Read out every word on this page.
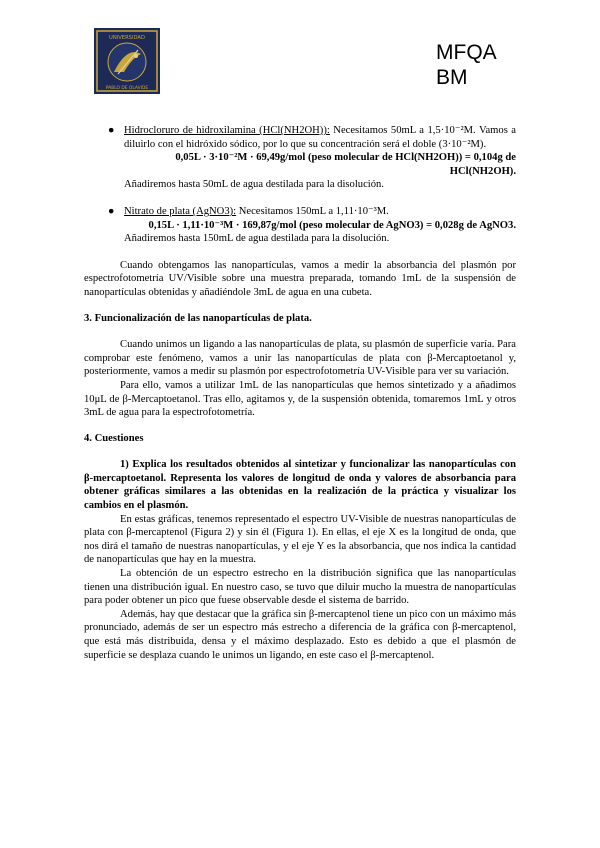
UNIVERSIDAD
PABLO DE OLAVIDE
MFQA
BM
● Hidrocloruro de hidroxilamina (HCl(NH2OH)): Necesitamos 50mL a 1,5·10⁻²M. Vamos a diluirlo con el hidróxido sódico, por lo que su concentración será el doble (3·10⁻²M).

0,05L · 3·10⁻²M · 69,49g/mol (peso molecular de HCl(NH2OH)) = 0,104g de HCl(NH2OH).

Añadiremos hasta 50mL de agua destilada para la disolución.

● Nitrato de plata (AgNO3): Necesitamos 150mL a 1,11·10⁻³M.

0,15L · 1,11·10⁻³M · 169,87g/mol (peso molecular de AgNO3) = 0,028g de AgNO3.

Añadiremos hasta 150mL de agua destilada para la disolución.

Cuando obtengamos las nanopartículas, vamos a medir la absorbancia del plasmón por espectrofotometría UV/Visible sobre una muestra preparada, tomando 1mL de la suspensión de nanopartículas obtenidas y añadiéndole 3mL de agua en una cubeta.

3. Funcionalización de las nanopartículas de plata.

Cuando unimos un ligando a las nanopartículas de plata, su plasmón de superficie varía. Para comprobar este fenómeno, vamos a unir las nanopartículas de plata con β-Mercaptoetanol y, posteriormente, vamos a medir su plasmón por espectrofotometría UV-Visible para ver su variación.

Para ello, vamos a utilizar 1mL de las nanopartículas que hemos sintetizado y a añadimos 10μL de β-Mercaptoetanol. Tras ello, agitamos y, de la suspensión obtenida, tomaremos 1mL y otros 3mL de agua para la espectrofotometría.

4. Cuestiones

1) Explica los resultados obtenidos al sintetizar y funcionalizar las nanopartículas con β-mercaptoetanol. Representa los valores de longitud de onda y valores de absorbancia para obtener gráficas similares a las obtenidas en la realización de la práctica y visualizar los cambios en el plasmón.

En estas gráficas, tenemos representado el espectro UV-Visible de nuestras nanopartículas de plata con β-mercaptenol (Figura 2) y sin él (Figura 1). En ellas, el eje X es la longitud de onda, que nos dirá el tamaño de nuestras nanopartículas, y el eje Y es la absorbancia, que nos indica la cantidad de nanopartículas que hay en la muestra.

La obtención de un espectro estrecho en la distribución significa que las nanopartículas tienen una distribución igual. En nuestro caso, se tuvo que diluir mucho la muestra de nanopartículas para poder obtener un pico que fuese observable desde el sistema de barrido.

Además, hay que destacar que la gráfica sin β-mercaptenol tiene un pico con un máximo más pronunciado, además de ser un espectro más estrecho a diferencia de la gráfica con β-mercaptenol, que está más distribuida, densa y el máximo desplazado. Esto es debido a que el plasmón de superficie se desplaza cuando le unimos un ligando, en este caso el β-mercaptenol.
